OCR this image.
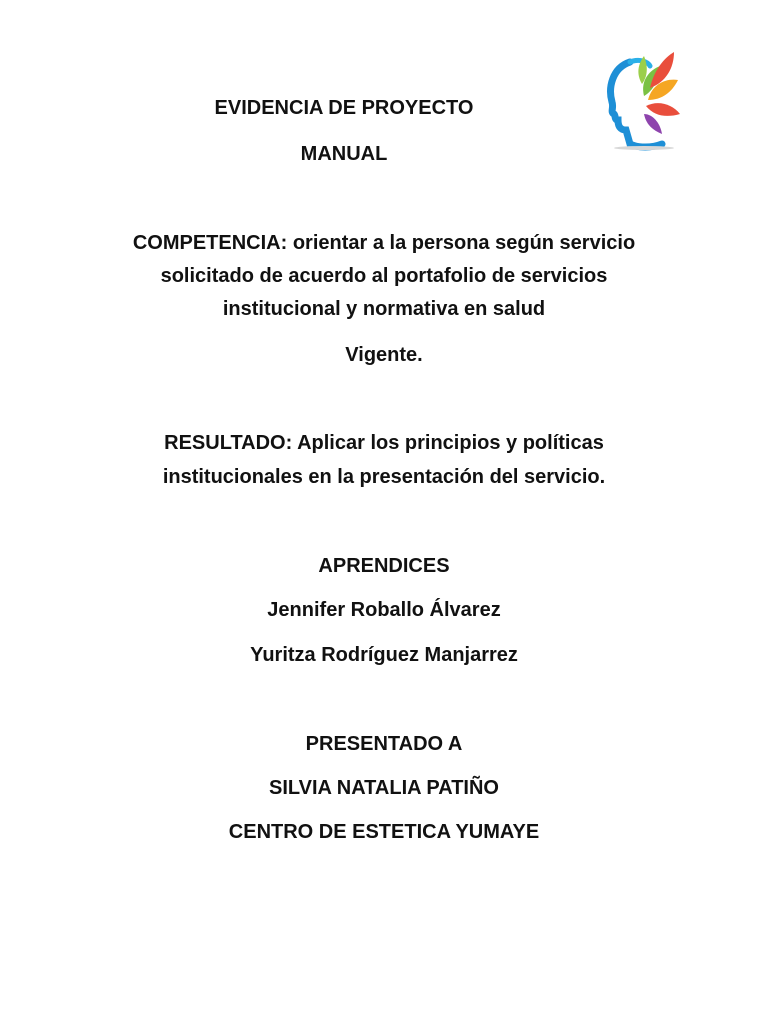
EVIDENCIA DE PROYECTO
MANUAL
COMPETENCIA: orientar a la persona según servicio
solicitado de acuerdo al portafolio de servicios
institucional y normativa en salud
Vigente.
RESULTADO: Aplicar los principios y políticas
institucionales en la presentación del servicio.
APRENDICES
Jennifer Roballo Álvarez
Yuritza Rodríguez Manjarrez
PRESENTADO A
SILVIA NATALIA PATIÑO
CENTRO DE ESTETICA YUMAYE
